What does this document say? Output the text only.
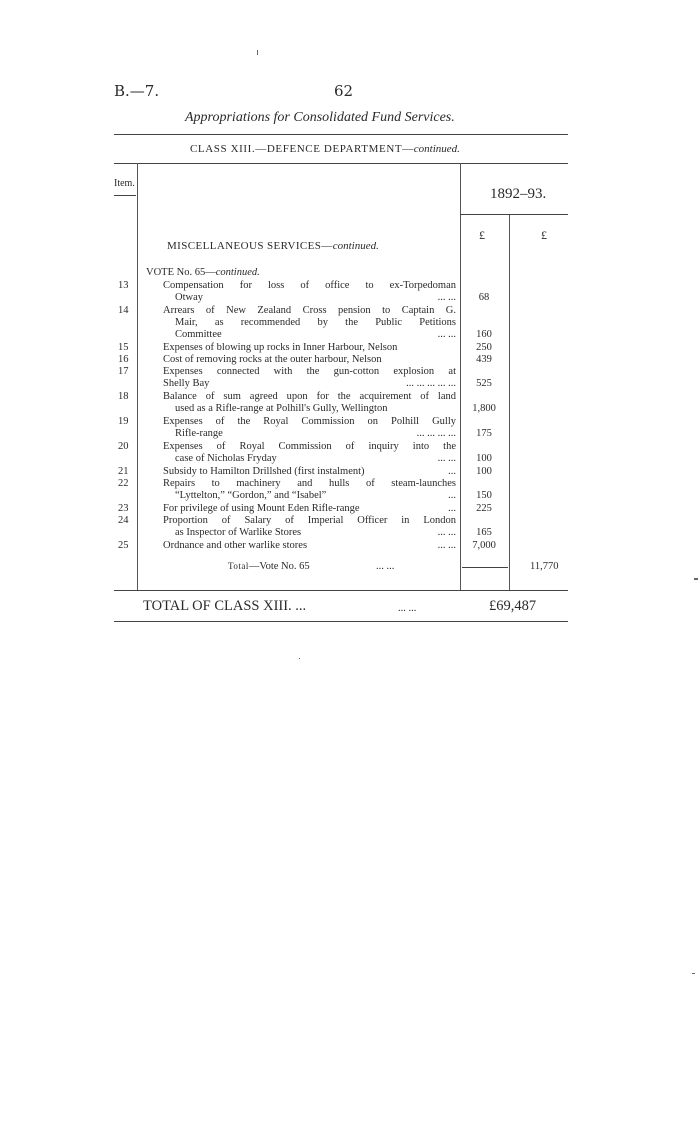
B.—7.	62
Appropriations for Consolidated Fund Services.
CLASS XIII.—DEFENCE DEPARTMENT—continued.
Item.
1892–93.
£	£
MISCELLANEOUS SERVICES—continued.
VOTE No. 65—continued.
13	Compensation for loss of office to ex-Torpedoman
Otway	... ...	68
14	Arrears of New Zealand Cross pension to Captain G.
Mair, as recommended by the Public Petitions
Committee	... ...	160
15	Expenses of blowing up rocks in Inner Harbour, Nelson	250
16	Cost of removing rocks at the outer harbour, Nelson	439
17	Expenses connected with the gun-cotton explosion at
Shelly Bay	... ... ... ... ...	525
18	Balance of sum agreed upon for the acquirement of land
used as a Rifle-range at Polhill's Gully, Wellington	1,800
19	Expenses of the Royal Commission on Polhill Gully
Rifle-range	... ... ... ...	175
20	Expenses of Royal Commission of inquiry into the
case of Nicholas Fryday	... ...	100
21	Subsidy to Hamilton Drillshed (first instalment)	...	100
22	Repairs to machinery and hulls of steam-launches
“Lyttelton,” “Gordon,” and “Isabel”	...	150
23	For privilege of using Mount Eden Rifle-range	...	225
24	Proportion of Salary of Imperial Officer in London
as Inspector of Warlike Stores	... ...	165
25	Ordnance and other warlike stores	... ...	7,000
Total—Vote No. 65	... ...	11,770
TOTAL OF CLASS XIII. ...	... ...	£69,487
